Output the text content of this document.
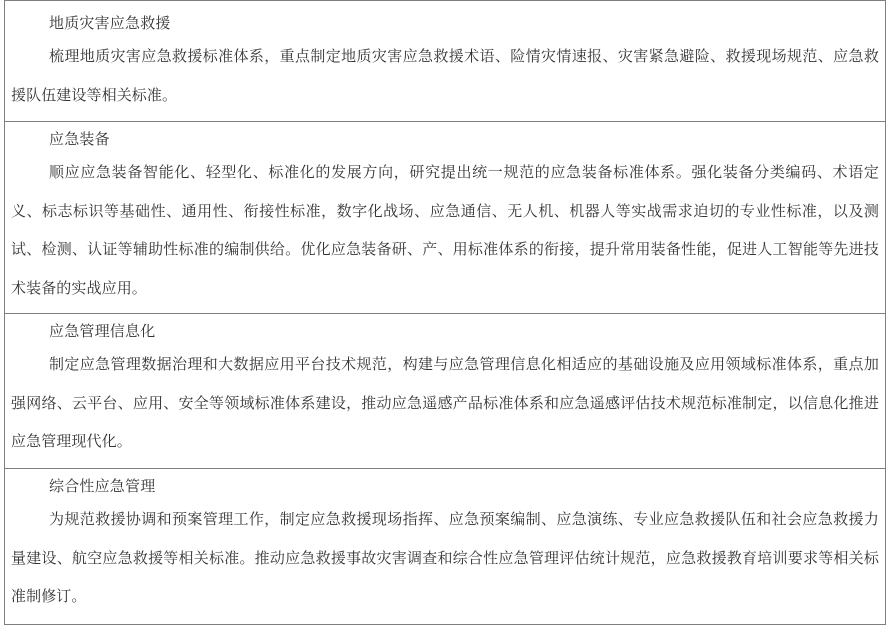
地质灾害应急救援

梳理地质灾害应急救援标准体系，重点制定地质灾害应急救援术语、险情灾情速报、灾害紧急避险、救援现场规范、应急救援队伍建设等相关标准。

应急装备

顺应应急装备智能化、轻型化、标准化的发展方向，研究提出统一规范的应急装备标准体系。强化装备分类编码、术语定义、标志标识等基础性、通用性、衔接性标准，数字化战场、应急通信、无人机、机器人等实战需求迫切的专业性标准，以及测试、检测、认证等辅助性标准的编制供给。优化应急装备研、产、用标准体系的衔接，提升常用装备性能，促进人工智能等先进技术装备的实战应用。

应急管理信息化

制定应急管理数据治理和大数据应用平台技术规范，构建与应急管理信息化相适应的基础设施及应用领域标准体系，重点加强网络、云平台、应用、安全等领域标准体系建设，推动应急遥感产品标准体系和应急遥感评估技术规范标准制定，以信息化推进应急管理现代化。

综合性应急管理

为规范救援协调和预案管理工作，制定应急救援现场指挥、应急预案编制、应急演练、专业应急救援队伍和社会应急救援力量建设、航空应急救援等相关标准。推动应急救援事故灾害调查和综合性应急管理评估统计规范，应急救援教育培训要求等相关标准制修订。
